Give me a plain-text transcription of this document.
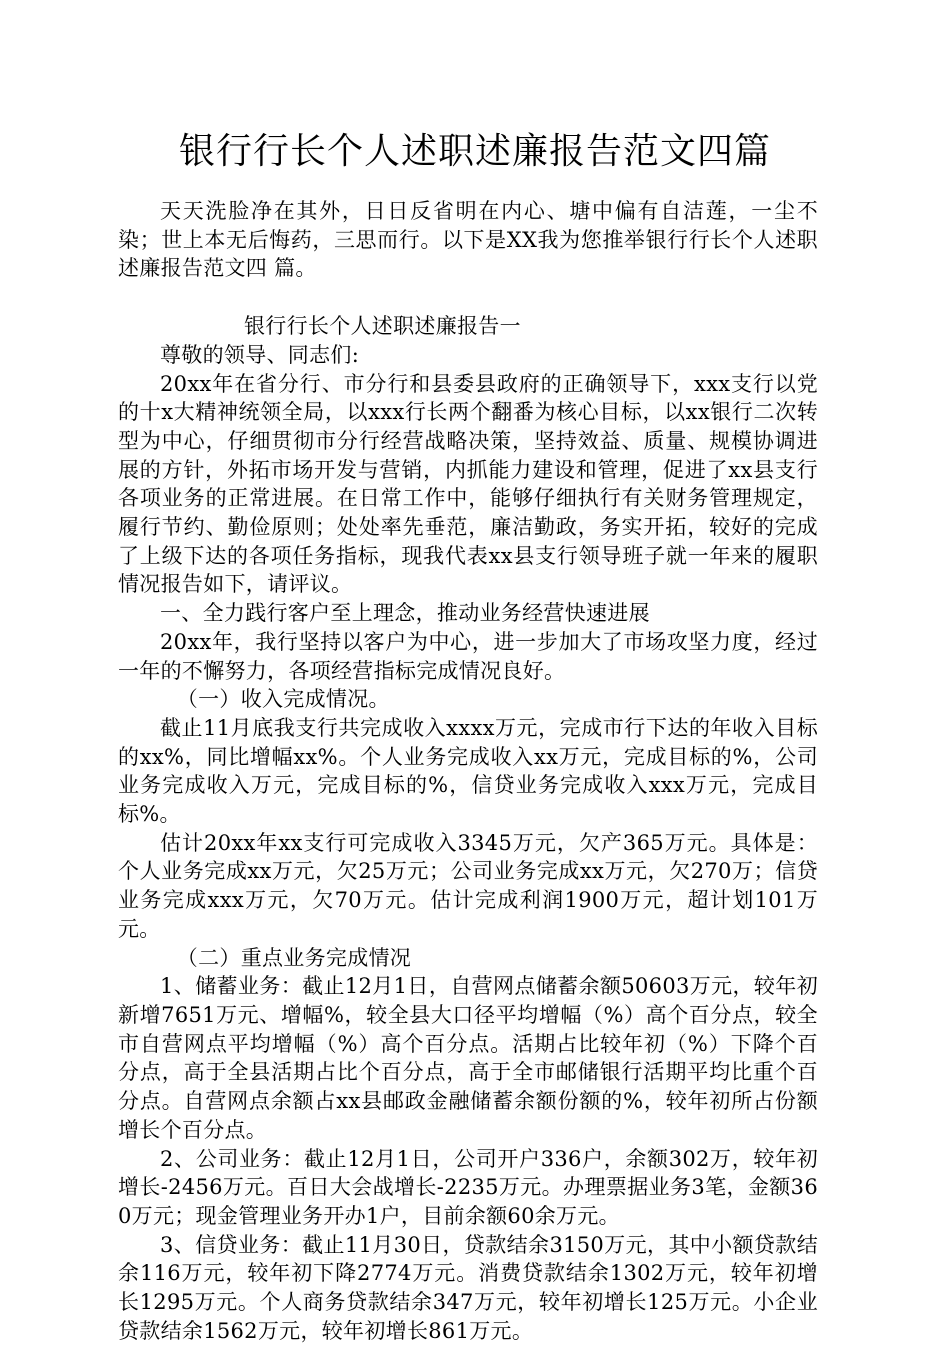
银行行长个人述职述廉报告范文四篇

天天洗脸净在其外，日日反省明在内心、塘中偏有自洁莲，一尘不染；世上本无后悔药，三思而行。以下是XX我为您推举银行行长个人述职述廉报告范文四 篇。

银行行长个人述职述廉报告一

尊敬的领导、同志们:

20xx年在省分行、市分行和县委县政府的正确领导下，xxx支行以党的十x大精神统领全局，以xxx行长两个翻番为核心目标，以xx银行二次转型为中心，仔细贯彻市分行经营战略决策，坚持效益、质量、规模协调进展的方针，外拓市场开发与营销，内抓能力建设和管理，促进了xx县支行各项业务的正常进展。在日常工作中，能够仔细执行有关财务管理规定，履行节约、勤俭原则；处处率先垂范，廉洁勤政，务实开拓，较好的完成了上级下达的各项任务指标，现我代表xx县支行领导班子就一年来的履职情况报告如下，请评议。

一、全力践行客户至上理念，推动业务经营快速进展

20xx年，我行坚持以客户为中心，进一步加大了市场攻坚力度，经过一年的不懈努力，各项经营指标完成情况良好。

（一）收入完成情况。

截止11月底我支行共完成收入xxxx万元，完成市行下达的年收入目标的xx%，同比增幅xx%。个人业务完成收入xx万元，完成目标的%，公司业务完成收入万元，完成目标的%，信贷业务完成收入xxx万元，完成目标%。

估计20xx年xx支行可完成收入3345万元，欠产365万元。具体是：个人业务完成xx万元，欠25万元；公司业务完成xx万元，欠270万；信贷业务完成xxx万元，欠70万元。估计完成利润1900万元，超计划101万元。

（二）重点业务完成情况

1、储蓄业务：截止12月1日，自营网点储蓄余额50603万元，较年初新增7651万元、增幅%，较全县大口径平均增幅（%）高个百分点，较全市自营网点平均增幅（%）高个百分点。活期占比较年初（%）下降个百分点，高于全县活期占比个百分点，高于全市邮储银行活期平均比重个百分点。自营网点余额占xx县邮政金融储蓄余额份额的%，较年初所占份额增长个百分点。

2、公司业务：截止12月1日，公司开户336户，余额302万，较年初增长-2456万元。百日大会战增长-2235万元。办理票据业务3笔，金额360万元；现金管理业务开办1户，目前余额60余万元。

3、信贷业务：截止11月30日，贷款结余3150万元，其中小额贷款结余116万元，较年初下降2774万元。消费贷款结余1302万元，较年初增长1295万元。个人商务贷款结余347万元，较年初增长125万元。小企业贷款结余1562万元，较年初增长861万元。
